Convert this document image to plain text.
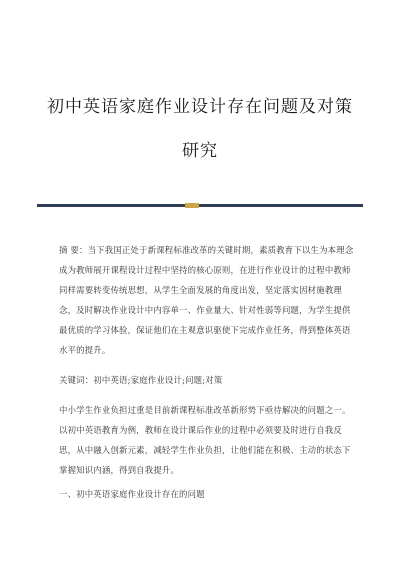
初中英语家庭作业设计存在问题及对策
研究
摘 要：当下我国正处于新课程标准改革的关键时期，素质教育下以生为本理念
成为教师展开课程设计过程中坚持的核心原则，在进行作业设计的过程中教师
同样需要转变传统思想，从学生全面发展的角度出发，坚定落实因材施教理
念，及时解决作业设计中内容单一、作业量大、针对性弱等问题，为学生提供
最优质的学习体验，保证他们在主观意识驱使下完成作业任务，得到整体英语
水平的提升。
关键词：初中英语;家庭作业设计;问题;对策
中小学生作业负担过重是目前新课程标准改革新形势下亟待解决的问题之一。
以初中英语教育为例，教师在设计课后作业的过程中必须要及时进行自我反
思，从中融入创新元素，减轻学生作业负担，让他们能在积极、主动的状态下
掌握知识内涵，得到自我提升。
一、初中英语家庭作业设计存在的问题
